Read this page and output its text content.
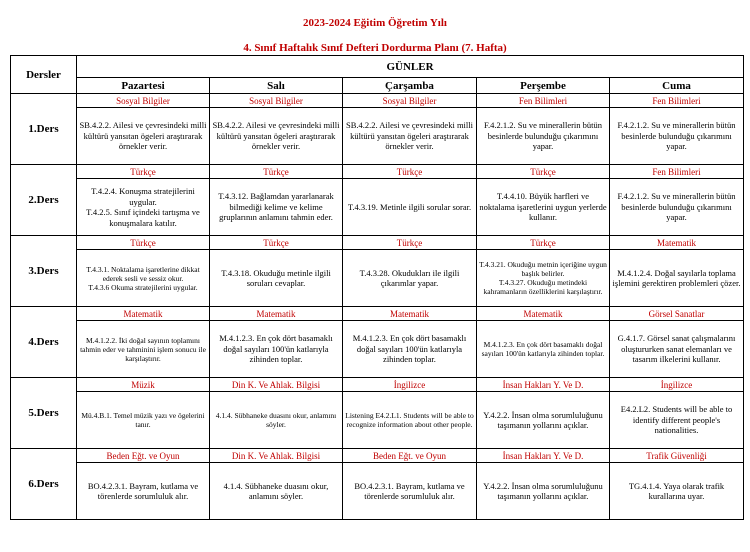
2023-2024 Eğitim Öğretim Yılı
4. Sınıf Haftalık Sınıf Defteri Dordurma Planı (7. Hafta)
Dersler	GÜNLER				
	Pazartesi	Salı	Çarşamba	Perşembe	Cuma
1.Ders	Sosyal Bilgiler	Sosyal Bilgiler	Sosyal Bilgiler	Fen Bilimleri	Fen Bilimleri
	SB.4.2.2. Ailesi ve çevresindeki milli kültürü yansıtan ögeleri araştırarak örnekler verir.	SB.4.2.2. Ailesi ve çevresindeki milli kültürü yansıtan ögeleri araştırarak örnekler verir.	SB.4.2.2. Ailesi ve çevresindeki milli kültürü yansıtan ögeleri araştırarak örnekler verir.	F.4.2.1.2. Su ve minerallerin bütün besinlerde bulunduğu çıkarımını yapar.	F.4.2.1.2. Su ve minerallerin bütün besinlerde bulunduğu çıkarımını yapar.
2.Ders	Türkçe	Türkçe	Türkçe	Türkçe	Fen Bilimleri
	T.4.2.4. Konuşma stratejilerini uygular.
T.4.2.5. Sınıf içindeki tartışma ve konuşmalara katılır.	T.4.3.12. Bağlamdan yararlanarak bilmediği kelime ve kelime gruplarının anlamını tahmin eder.	T.4.3.19. Metinle ilgili sorular sorar.	T.4.4.10. Büyük harfleri ve noktalama işaretlerini uygun yerlerde kullanır.	F.4.2.1.2. Su ve minerallerin bütün besinlerde bulunduğu çıkarımını yapar.
3.Ders	Türkçe	Türkçe	Türkçe	Türkçe	Matematik
	T.4.3.1. Noktalama işaretlerine dikkat ederek sesli ve sessiz okur.
T.4.3.6 Okuma stratejilerini uygular.	T.4.3.18. Okuduğu metinle ilgili soruları cevaplar.	T.4.3.28. Okudukları ile ilgili çıkarımlar yapar.	T.4.3.21. Okuduğu metnin içeriğine uygun başlık belirler.
T.4.3.27. Okuduğu metindeki kahramanların özelliklerini karşılaştırır.	M.4.1.2.4. Doğal sayılarla toplama işlemini gerektiren problemleri çözer.
4.Ders	Matematik	Matematik	Matematik	Matematik	Görsel Sanatlar
	M.4.1.2.2. İki doğal sayının toplamını tahmin eder ve tahminini işlem sonucu ile karşılaştırır.	M.4.1.2.3. En çok dört basamaklı doğal sayıları 100'ün katlarıyla zihinden toplar.	M.4.1.2.3. En çok dört basamaklı doğal sayıları 100'ün katlarıyla zihinden toplar.	M.4.1.2.3. En çok dört basamaklı doğal sayıları 100'ün katlarıyla zihinden toplar.	G.4.1.7. Görsel sanat çalışmalarını oluştururken sanat elemanları ve tasarım ilkelerini kullanır.
5.Ders	Müzik	Din K. Ve Ahlak. Bilgisi	İngilizce	İnsan Hakları Y. Ve D.	İngilizce
	Mü.4.B.1. Temel müzik yazı ve ögelerini tanır.	4.1.4. Sübhaneke duasını okur, anlamını söyler.	Listening E4.2.L1. Students will be able to recognize information about other people.	Y.4.2.2. İnsan olma sorumluluğunu taşımanın yollarını açıklar.	E4.2.L2. Students will be able to identify different people's nationalities.
6.Ders	Beden Eğt. ve Oyun	Din K. Ve Ahlak. Bilgisi	Beden Eğt. ve Oyun	İnsan Hakları Y. Ve D.	Trafik Güvenliği
	BO.4.2.3.1. Bayram, kutlama ve törenlerde sorumluluk alır.	4.1.4. Sübhaneke duasını okur, anlamını söyler.	BO.4.2.3.1. Bayram, kutlama ve törenlerde sorumluluk alır.	Y.4.2.2. İnsan olma sorumluluğunu taşımanın yollarını açıklar.	TG.4.1.4. Yaya olarak trafik kurallarına uyar.
